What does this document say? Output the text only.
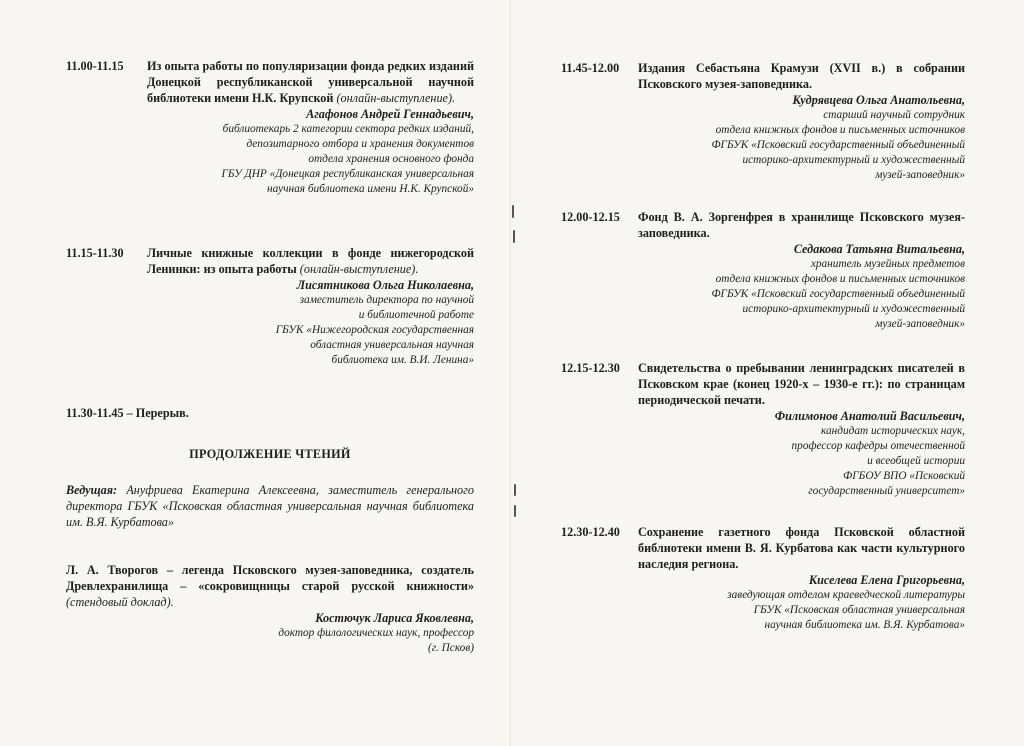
11.00-11.15	Из опыта работы по популяризации фонда редких изданий Донецкой республиканской универсальной научной библиотеки имени Н.К. Крупской (онлайн-выступление).
Агафонов Андрей Геннадьевич,
библиотекарь 2 категории сектора редких изданий,
депозитарного отбора и хранения документов
отдела хранения основного фонда
ГБУ ДНР «Донецкая республиканская универсальная
научная библиотека имени Н.К. Крупской»
11.15-11.30	Личные книжные коллекции в фонде нижегородской Ленинки: из опыта работы (онлайн-выступление).
Лисятникова Ольга Николаевна,
заместитель директора по научной
и библиотечной работе
ГБУК «Нижегородская государственная
областная универсальная научная
библиотека им. В.И. Ленина»
11.30-11.45 – Перерыв.
ПРОДОЛЖЕНИЕ ЧТЕНИЙ
Ведущая: Ануфриева Екатерина Алексеевна, заместитель генерального директора ГБУК «Псковская областная универсальная научная библиотека им. В.Я. Курбатова»
Л. А. Творогов – легенда Псковского музея-заповедника, создатель Древлехранилища – «сокровищницы старой русской книжности» (стендовый доклад).
Костючук Лариса Яковлевна,
доктор филологических наук, профессор
(г. Псков)
11.45-12.00	Издания Себастьяна Крамузи (XVII в.) в собрании Псковского музея-заповедника.
Кудрявцева Ольга Анатольевна,
старший научный сотрудник
отдела книжных фондов и письменных источников
ФГБУК «Псковский государственный объединенный
историко-архитектурный и художественный
музей-заповедник»
12.00-12.15	Фонд В. А. Зоргенфрея в хранилище Псковского музея-заповедника.
Седакова Татьяна Витальевна,
хранитель музейных предметов
отдела книжных фондов и письменных источников
ФГБУК «Псковский государственный объединенный
историко-архитектурный и художественный
музей-заповедник»
12.15-12.30	Свидетельства о пребывании ленинградских писателей в Псковском крае (конец 1920-х – 1930-е гг.): по страницам периодической печати.
Филимонов Анатолий Васильевич,
кандидат исторических наук,
профессор кафедры отечественной
и всеобщей истории
ФГБОУ ВПО «Псковский
государственный университет»
12.30-12.40	Сохранение газетного фонда Псковской областной библиотеки имени В. Я. Курбатова как части культурного наследия региона.
Киселева Елена Григорьевна,
заведующая отделом краеведческой литературы
ГБУК «Псковская областная универсальная
научная библиотека им. В.Я. Курбатова»
